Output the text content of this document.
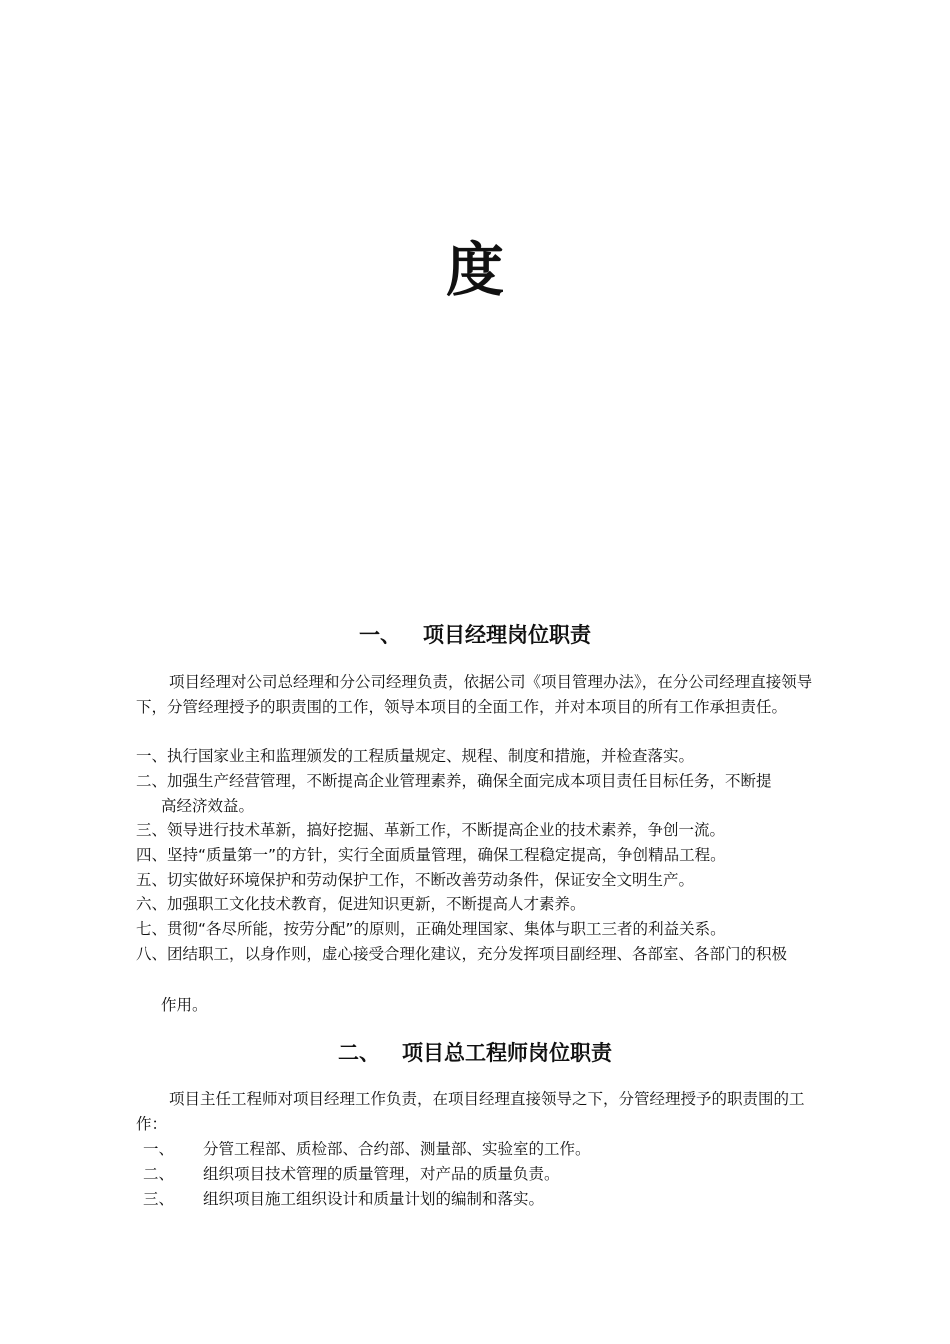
度
一、 项目经理岗位职责
项目经理对公司总经理和分公司经理负责，依据公司《项目管理办法》，在分公司经理直接领导下，分管经理授予的职责围的工作，领导本项目的全面工作，并对本项目的所有工作承担责任。
一、执行国家业主和监理颁发的工程质量规定、规程、制度和措施，并检查落实。
二、加强生产经营管理，不断提高企业管理素养，确保全面完成本项目责任目标任务，不断提
高经济效益。
三、领导进行技术革新，搞好挖掘、革新工作，不断提高企业的技术素养，争创一流。
四、坚持“质量第一”的方针，实行全面质量管理，确保工程稳定提高，争创精品工程。
五、切实做好环境保护和劳动保护工作，不断改善劳动条件，保证安全文明生产。
六、加强职工文化技术教育，促进知识更新，不断提高人才素养。
七、贯彻“各尽所能，按劳分配”的原则，正确处理国家、集体与职工三者的利益关系。
八、团结职工，以身作则，虚心接受合理化建议，充分发挥项目副经理、各部室、各部门的积极
作用。
二、 项目总工程师岗位职责
项目主任工程师对项目经理工作负责，在项目经理直接领导之下，分管经理授予的职责围的工作：
一、 分管工程部、质检部、合约部、测量部、实验室的工作。
二、 组织项目技术管理的质量管理，对产品的质量负责。
三、 组织项目施工组织设计和质量计划的编制和落实。
